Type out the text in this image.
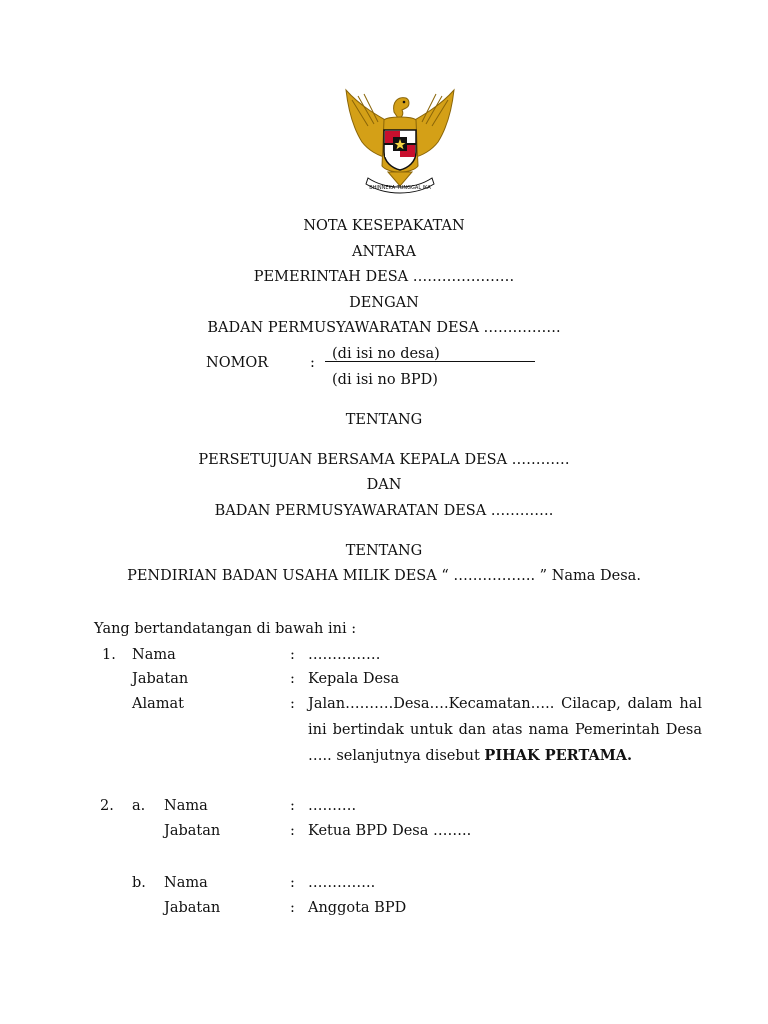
BHINNEKA TUNGGAL IKA
NOTA KESEPAKATAN
ANTARA
PEMERINTAH DESA …………………
DENGAN
BADAN PERMUSYAWARATAN DESA …………….
NOMOR	:
(di isi no desa)
(di isi no BPD)
TENTANG
PERSETUJUAN BERSAMA KEPALA DESA …………
DAN
BADAN PERMUSYAWARATAN DESA ………….
TENTANG
PENDIRIAN BADAN USAHA MILIK DESA “ …………….. ” Nama Desa.
Yang bertandatangan di bawah ini :
1. Nama	: ……………
Jabatan	: Kepala Desa
Alamat	: Jalan……….Desa….Kecamatan….. Cilacap, dalam hal ini bertindak untuk dan atas nama Pemerintah Desa ….. selanjutnya disebut PIHAK PERTAMA.
2. a. Nama	: ……….
Jabatan	: Ketua BPD Desa ……..
b. Nama	: …………..
Jabatan	: Anggota BPD
